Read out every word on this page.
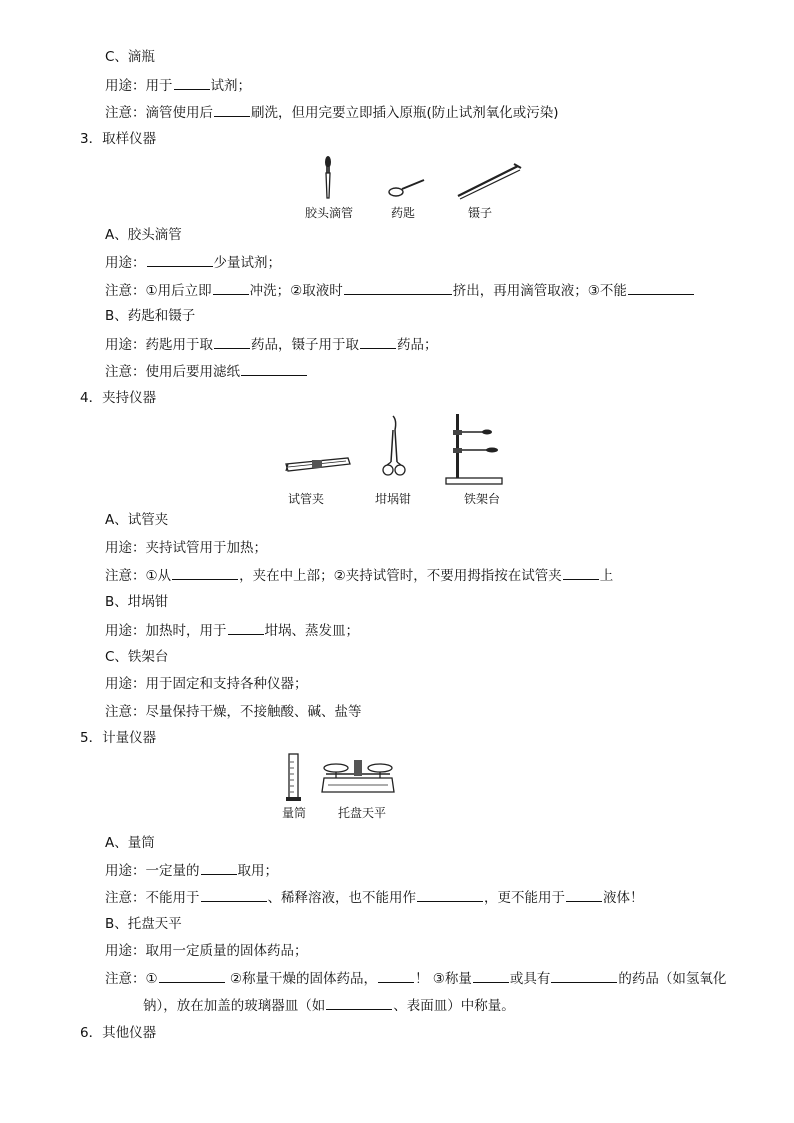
C、滴瓶
用途：用于	试剂；
注意：滴管使用后	刷洗，但用完要立即插入原瓶(防止试剂氧化或污染)
3．取样仪器
胶头滴管	药匙	镊子
A、胶头滴管
用途：	少量试剂；
注意：①用后立即	冲洗；②取液时	挤出，再用滴管取液；③不能
B、药匙和镊子
用途：药匙用于取	药品，镊子用于取	药品；
注意：使用后要用滤纸
4．夹持仪器
试管夹	坩埚钳	铁架台
A、试管夹
用途：夹持试管用于加热；
注意：①从	，夹在中上部；②夹持试管时，不要用拇指按在试管夹	上
B、坩埚钳
用途：加热时，用于	坩埚、蒸发皿；
C、铁架台
用途：用于固定和支持各种仪器；
注意：尽量保持干燥，不接触酸、碱、盐等
5．计量仪器
量筒	托盘天平
A、量筒
用途：一定量的	取用；
注意：不能用于	、稀释溶液，也不能用作	，更不能用于	液体！
B、托盘天平
用途：取用一定质量的固体药品；
注意：①	②称量干燥的固体药品，	！ ③称量	或具有	的药品（如氢氧化
钠），放在加盖的玻璃器皿（如	、表面皿）中称量。
6．其他仪器
